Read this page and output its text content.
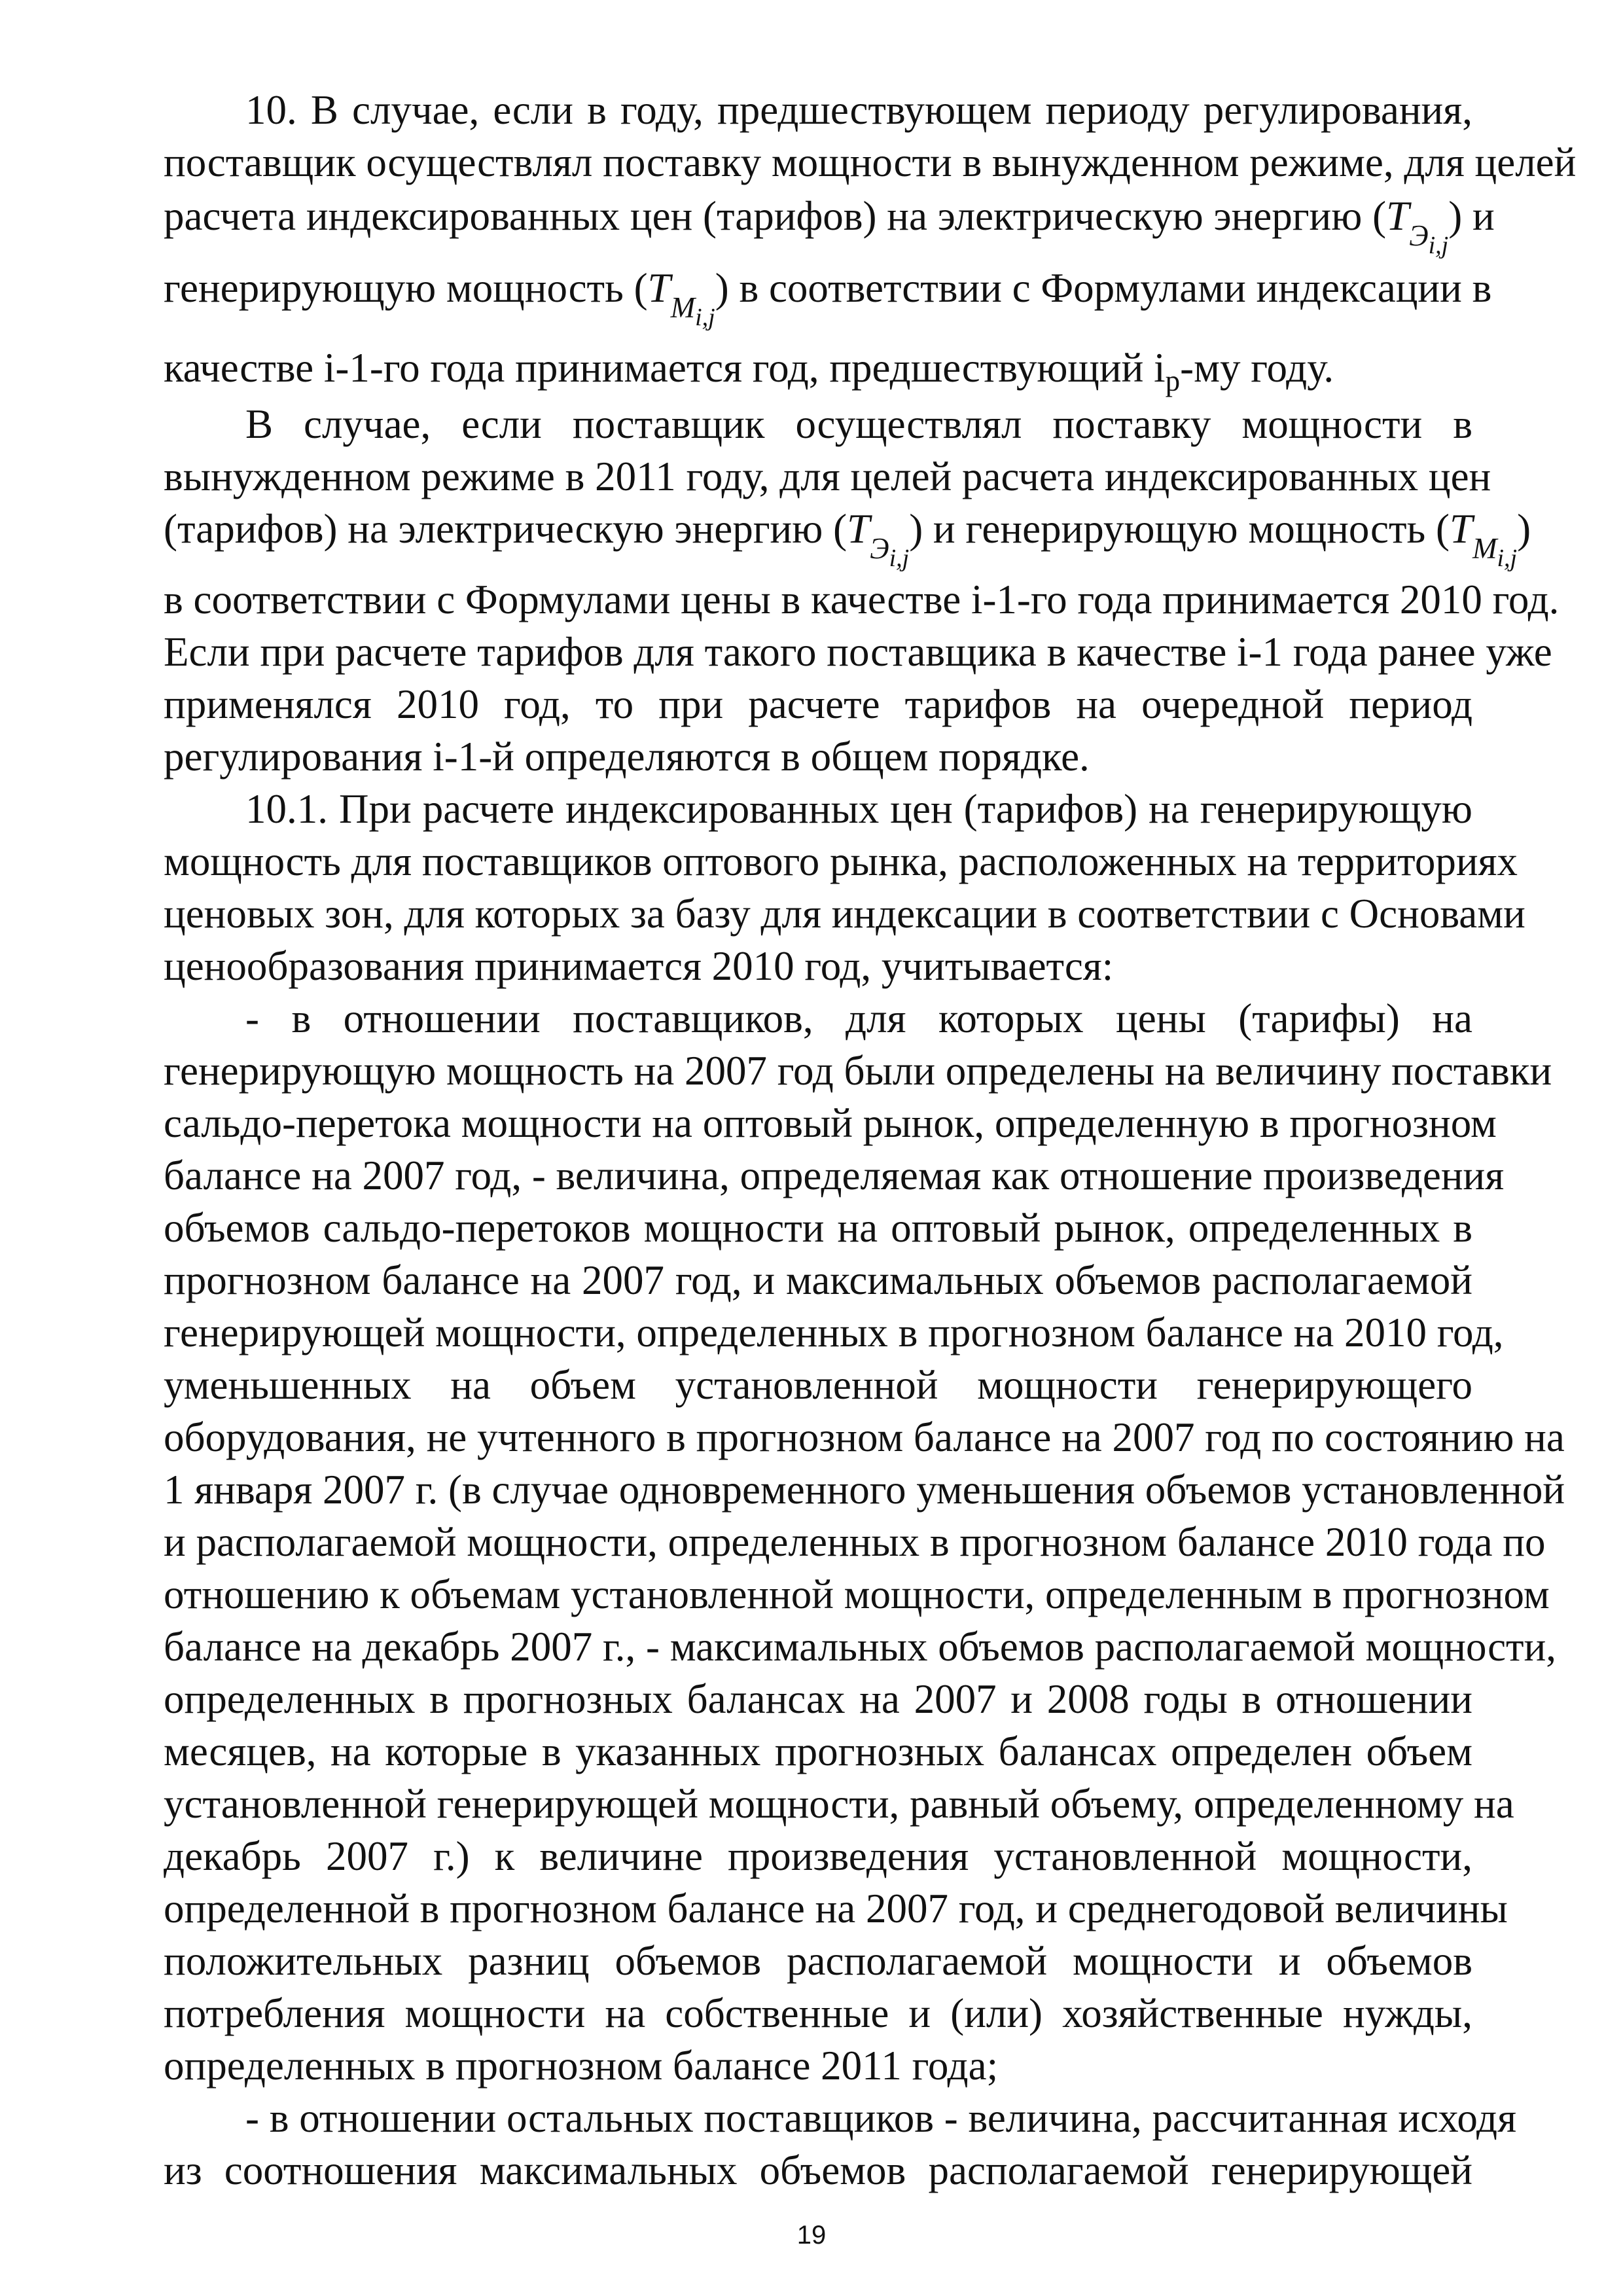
10. В случае, если в году, предшествующем периоду регулирования,
поставщик осуществлял поставку мощности в вынужденном режиме, для целей
расчета индексированных цен (тарифов) на электрическую энергию $(T_{Э_{i,j}})$ и
генерирующую мощность $(T_{M_{i,j}})$ в соответствии с Формулами индексации в
качестве i-1-го года принимается год, предшествующий $i_р-му$ году.
В случае, если поставщик осуществлял поставку мощности в
вынужденном режиме в 2011 году, для целей расчета индексированных цен
(тарифов) на электрическую энергию $(T_{Э_{i,j}})$ и генерирующую мощность $(T_{M_{i,j}})$
в соответствии с Формулами цены в качестве i-1-го года принимается 2010 год.
Если при расчете тарифов для такого поставщика в качестве i-1 года ранее уже
применялся 2010 год, то при расчете тарифов на очередной период
регулирования i-1-й определяются в общем порядке.
10.1. При расчете индексированных цен (тарифов) на генерирующую
мощность для поставщиков оптового рынка, расположенных на территориях
ценовых зон, для которых за базу для индексации в соответствии с Основами
ценообразования принимается 2010 год, учитывается:
- в отношении поставщиков, для которых цены (тарифы) на
генерирующую мощность на 2007 год были определены на величину поставки
сальдо-перетока мощности на оптовый рынок, определенную в прогнозном
балансе на 2007 год, - величина, определяемая как отношение произведения
объемов сальдо-перетоков мощности на оптовый рынок, определенных в
прогнозном балансе на 2007 год, и максимальных объемов располагаемой
генерирующей мощности, определенных в прогнозном балансе на 2010 год,
уменьшенных на объем установленной мощности генерирующего
оборудования, не учтенного в прогнозном балансе на 2007 год по состоянию на
1 января 2007 г. (в случае одновременного уменьшения объемов установленной
и располагаемой мощности, определенных в прогнозном балансе 2010 года по
отношению к объемам установленной мощности, определенным в прогнозном
балансе на декабрь 2007 г., - максимальных объемов располагаемой мощности,
определенных в прогнозных балансах на 2007 и 2008 годы в отношении
месяцев, на которые в указанных прогнозных балансах определен объем
установленной генерирующей мощности, равный объему, определенному на
декабрь 2007 г.) к величине произведения установленной мощности,
определенной в прогнозном балансе на 2007 год, и среднегодовой величины
положительных разниц объемов располагаемой мощности и объемов
потребления мощности на собственные и (или) хозяйственные нужды,
определенных в прогнозном балансе 2011 года;
- в отношении остальных поставщиков - величина, рассчитанная исходя
из соотношения максимальных объемов располагаемой генерирующей
19
